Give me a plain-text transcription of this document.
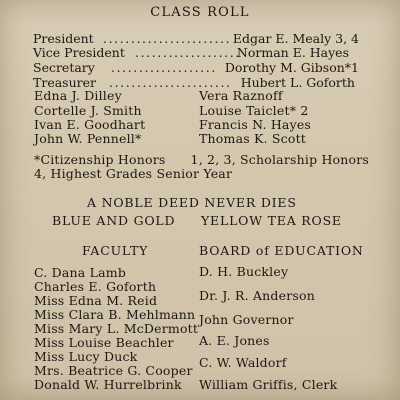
CLASS ROLL
President ....................... Edgar E. Mealy 3, 4
Vice President ...................
Norman E. Hayes
Secretary ................... Dorothy M. Gibson*1
Treasurer ...................... Hubert L. Goforth
Edna J. Dilley
Cortelle J. Smith
Ivan E. Goodhart
John W. Pennell*
Vera Raznoff
Louise Taiclet* 2
Francis N. Hayes
Thomas K. Scott
*Citizenship Honors      1, 2, 3, Scholarship Honors
4, Highest Grades Senior Year
A NOBLE DEED NEVER DIES
BLUE AND GOLD YELLOW TEA ROSE
FACULTY	BOARD of EDUCATION
C. Dana Lamb
Charles E. Goforth
Miss Edna M. Reid
Miss Clara B. Mehlmann
Miss Mary L. McDermott
Miss Louise Beachler
Miss Lucy Duck
Mrs. Beatrice G. Cooper
Donald W. Hurrelbrink
D. H. Buckley
Dr. J. R. Anderson
John Governor
A. E. Jones
C. W. Waldorf
William Griffis, Clerk
